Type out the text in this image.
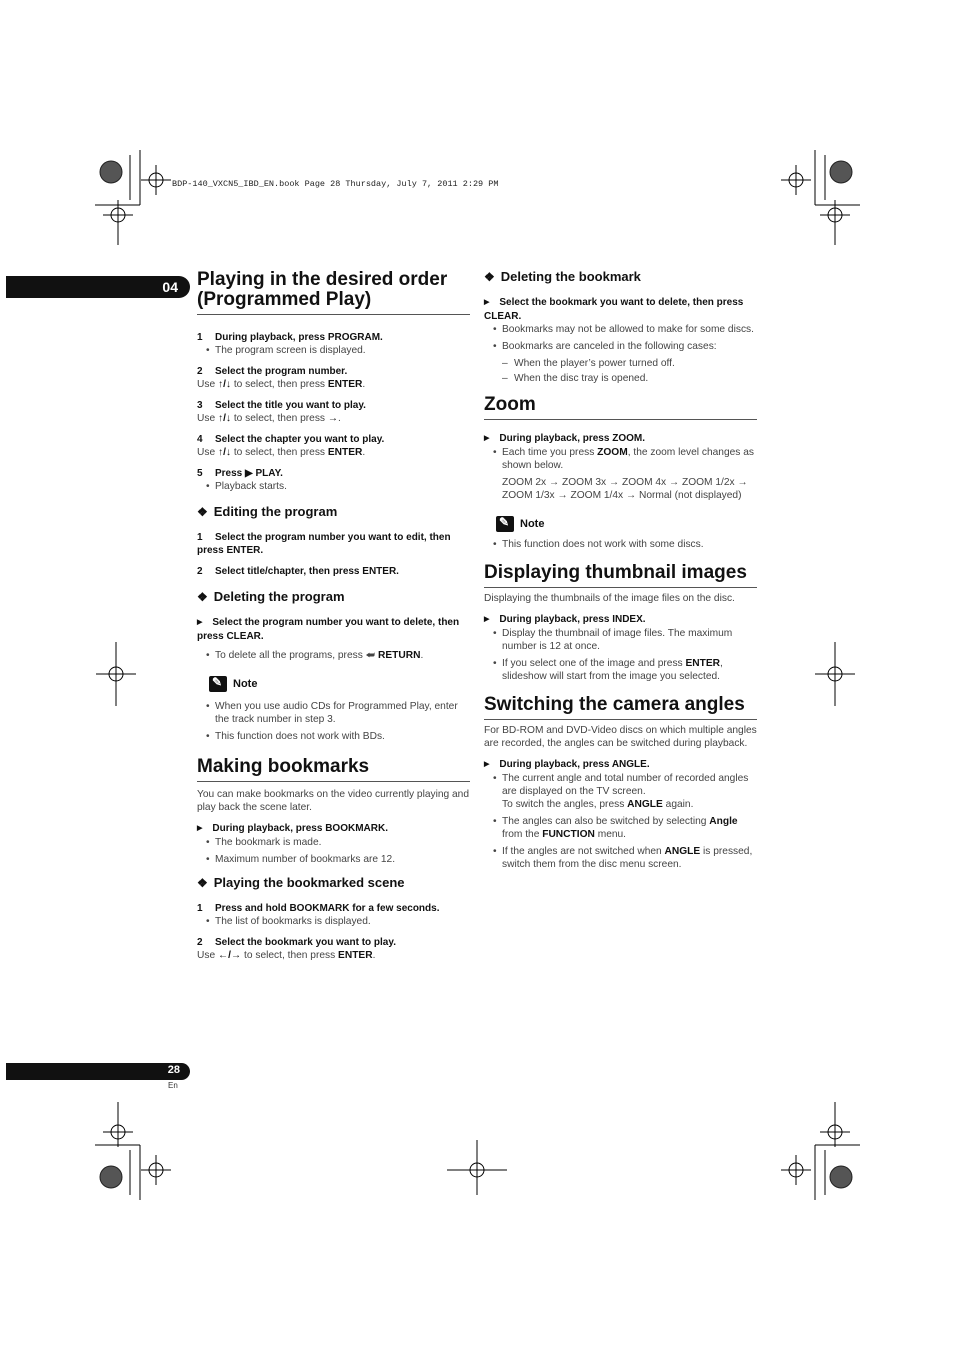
BDP-140_VXCN5_IBD_EN.book Page 28 Thursday, July 7, 2011 2:29 PM
04
28
En
Playing in the desired order (Programmed Play)
1 During playback, press PROGRAM.
• The program screen is displayed.
2 Select the program number.
Use ↑/↓ to select, then press ENTER.
3 Select the title you want to play.
Use ↑/↓ to select, then press →.
4 Select the chapter you want to play.
Use ↑/↓ to select, then press ENTER.
5 Press ▶ PLAY.
• Playback starts.
❖ Editing the program
1 Select the program number you want to edit, then press ENTER.
2 Select title/chapter, then press ENTER.
❖ Deleting the program
▶ Select the program number you want to delete, then press CLEAR.
• To delete all the programs, press ⮨ RETURN.
✎
Note
• When you use audio CDs for Programmed Play, enter the track number in step 3.
• This function does not work with BDs.
Making bookmarks
You can make bookmarks on the video currently playing and play back the scene later.
▶ During playback, press BOOKMARK.
• The bookmark is made.
• Maximum number of bookmarks are 12.
❖ Playing the bookmarked scene
1 Press and hold BOOKMARK for a few seconds.
• The list of bookmarks is displayed.
2 Select the bookmark you want to play.
Use ←/→ to select, then press ENTER.
❖ Deleting the bookmark
▶ Select the bookmark you want to delete, then press CLEAR.
• Bookmarks may not be allowed to make for some discs.
• Bookmarks are canceled in the following cases:
– When the player’s power turned off.
– When the disc tray is opened.
Zoom
▶ During playback, press ZOOM.
• Each time you press ZOOM, the zoom level changes as shown below.
ZOOM 2x → ZOOM 3x → ZOOM 4x → ZOOM 1/2x →
ZOOM 1/3x → ZOOM 1/4x → Normal (not displayed)
✎
Note
• This function does not work with some discs.
Displaying thumbnail images
Displaying the thumbnails of the image files on the disc.
▶ During playback, press INDEX.
• Display the thumbnail of image files. The maximum number is 12 at once.
• If you select one of the image and press ENTER, slideshow will start from the image you selected.
Switching the camera angles
For BD-ROM and DVD-Video discs on which multiple angles are recorded, the angles can be switched during playback.
▶ During playback, press ANGLE.
• The current angle and total number of recorded angles are displayed on the TV screen.
To switch the angles, press ANGLE again.
• The angles can also be switched by selecting Angle from the FUNCTION menu.
• If the angles are not switched when ANGLE is pressed, switch them from the disc menu screen.
